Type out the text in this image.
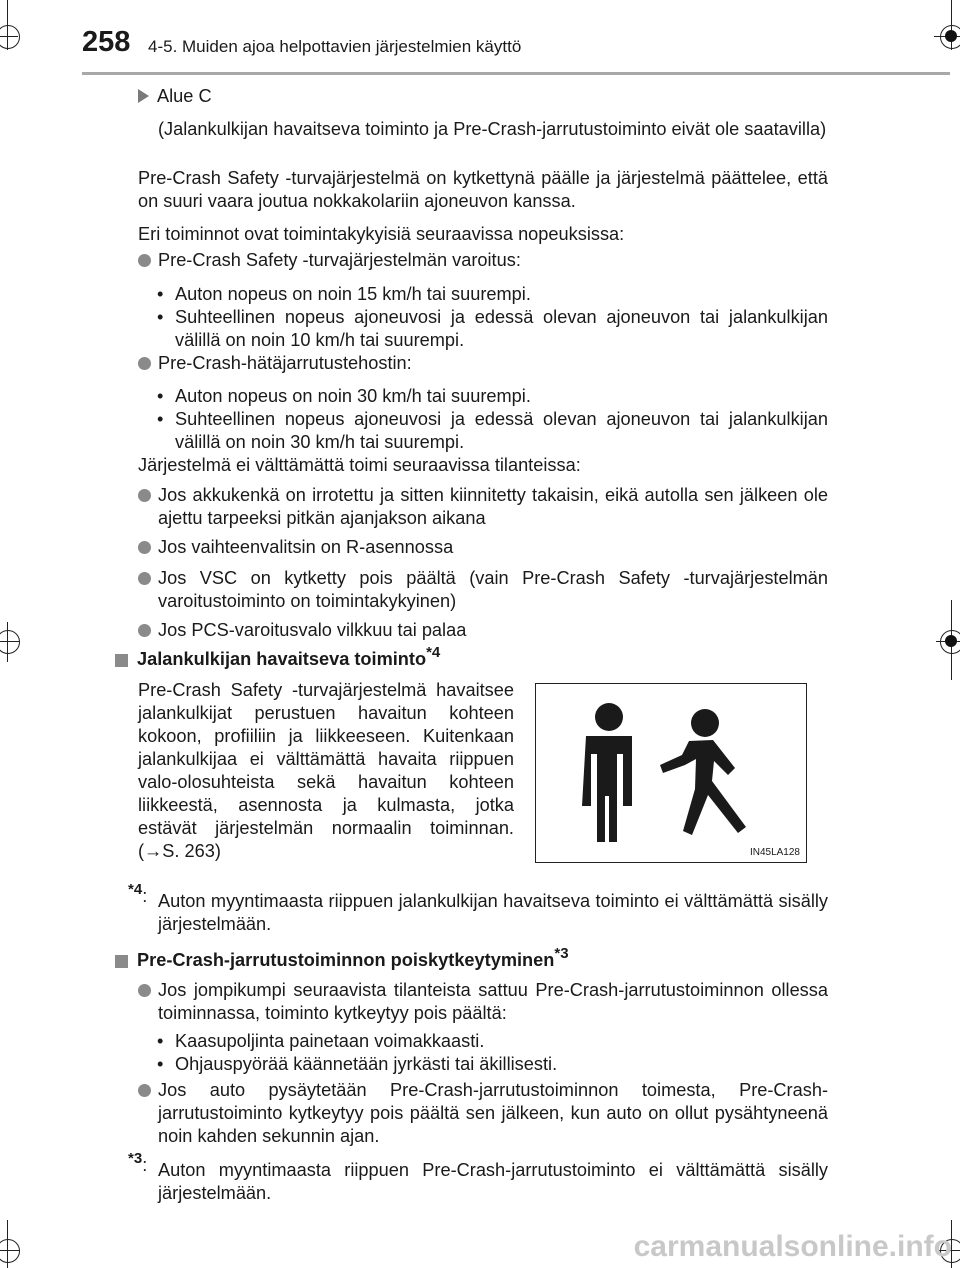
258 4-5. Muiden ajoa helpottavien järjestelmien käyttö
Alue C
(Jalankulkijan havaitseva toiminto ja Pre-Crash-jarrutustoiminto eivät ole saatavilla)
Pre-Crash Safety -turvajärjestelmä on kytkettynä päälle ja järjestelmä päättelee, että on suuri vaara joutua nokkakolariin ajoneuvon kanssa.
Eri toiminnot ovat toimintakykyisiä seuraavissa nopeuksissa:
Pre-Crash Safety -turvajärjestelmän varoitus:
• Auton nopeus on noin 15 km/h tai suurempi.
• Suhteellinen nopeus ajoneuvosi ja edessä olevan ajoneuvon tai jalankulkijan välillä on noin 10 km/h tai suurempi.
Pre-Crash-hätäjarrutustehostin:
• Auton nopeus on noin 30 km/h tai suurempi.
• Suhteellinen nopeus ajoneuvosi ja edessä olevan ajoneuvon tai jalankulkijan välillä on noin 30 km/h tai suurempi.
Järjestelmä ei välttämättä toimi seuraavissa tilanteissa:
Jos akkukenkä on irrotettu ja sitten kiinnitetty takaisin, eikä autolla sen jälkeen ole ajettu tarpeeksi pitkän ajanjakson aikana
Jos vaihteenvalitsin on R-asennossa
Jos VSC on kytketty pois päältä (vain Pre-Crash Safety -turvajärjestelmän varoitustoiminto on toimintakykyinen)
Jos PCS-varoitusvalo vilkkuu tai palaa
Jalankulkijan havaitseva toiminto$^{*4}$
Pre-Crash Safety -turvajärjestelmä havaitsee jalankulkijat perustuen havaitun kohteen kokoon, profiiliin ja liikkeeseen. Kuitenkaan jalankulkijaa ei välttämättä havaita riippuen valo-olosuhteista sekä havaitun kohteen liikkeestä, asennosta ja kulmasta, jotka estävät järjestelmän normaalin toiminnan. (→S. 263)	IN45LA128
$^{*4}$: Auton myyntimaasta riippuen jalankulkijan havaitseva toiminto ei välttämättä sisälly järjestelmään.
Pre-Crash-jarrutustoiminnon poiskytkeytyminen$^{*3}$
Jos jompikumpi seuraavista tilanteista sattuu Pre-Crash-jarrutustoiminnon ollessa toiminnassa, toiminto kytkeytyy pois päältä:
• Kaasupoljinta painetaan voimakkaasti.
• Ohjauspyörää käännetään jyrkästi tai äkillisesti.
Jos auto pysäytetään Pre-Crash-jarrutustoiminnon toimesta, Pre-Crash-jarrutustoiminto kytkeytyy pois päältä sen jälkeen, kun auto on ollut pysähtyneenä noin kahden sekunnin ajan.
$^{*3}$: Auton myyntimaasta riippuen Pre-Crash-jarrutustoiminto ei välttämättä sisälly järjestelmään.
carmanualsonline.info
